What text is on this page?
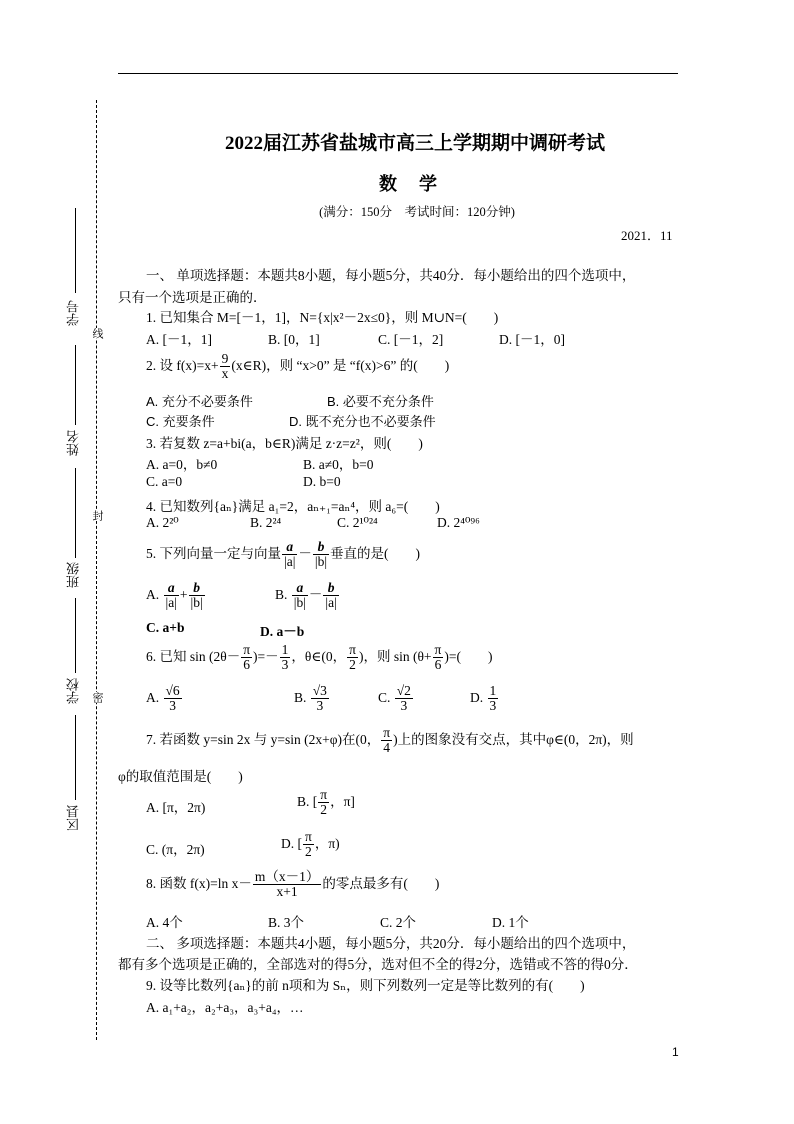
学号
姓名
班级
学校
区县
线
封
密
2022届江苏省盐城市高三上学期期中调研考试
数学
(满分：150分　考试时间：120分钟)
2021．11
一、 单项选择题：本题共8小题，每小题5分，共40分．每小题给出的四个选项中，
只有一个选项是正确的．
1. 已知集合 M=[－1，1]，N={x|x²－2x≤0}，则 M∪N=(　　)
A. [－1，1]	B. [0，1]	C. [－1，2]	D. [－1，0]
2. 设 $f(x)=x+ \frac{9}{x}$ (x∈R)，则 “x>0” 是 “f(x)>6” 的(　　)
A. 充分不必要条件	B. 必要不充分条件
C. 充要条件	D. 既不充分也不必要条件
3. 若复数 z=a+bi(a，b∈R)满足 z·z=z²，则(　　)
A. a=0，b≠0	B. a≠0，b=0
C. a=0	D. b=0
4. 已知数列{aₙ}满足 a₁=2，aₙ₊₁=aₙ⁴，则 a₆=(　　)
A. 2²⁰	B. 2²⁴	C. 2¹⁰²⁴	D. 2⁴⁰⁹⁶
5. 下列向量一定与向量 $\frac{a}{|a|} - \frac{b}{|b|}$ 垂直的是(　　)
A. $\frac{a}{|a|} + \frac{b}{|b|}$	B. $\frac{a}{|b|} - \frac{b}{|a|}$
C. a+b	D. a－b
6. 已知 $\sin (2\theta- \frac{\pi}{6}$ )=－ $\frac{1}{3}$ ，θ∈(0， $\frac{\pi}{2}$ )，则 $\sin (\theta+ \frac{\pi}{6}$ )=(　　)
A. $\frac{√6}{3}$	B. $\frac{√3}{3}$	C. $\frac{√2}{3}$	D. $\frac{1}{3}$
7. 若函数 y=sin 2x 与 y=sin (2x+φ)在(0， $\frac{\pi}{4}$ )上的图象没有交点，其中φ∈(0，2π)，则
φ的取值范围是(　　)
A. [π，2π)	B. [ $\frac{\pi}{2}$ ，π]
C. (π，2π)	D. [ $\frac{\pi}{2}$ ，π)
8. 函数 f(x)=ln $x- \frac{m(x-1)}{x+1}$ 的零点最多有(　　)
A. 4个	B. 3个	C. 2个	D. 1个
二、 多项选择题：本题共4小题，每小题5分，共20分．每小题给出的四个选项中，
都有多个选项是正确的，全部选对的得5分，选对但不全的得2分，选错或不答的得0分．
9. 设等比数列{aₙ}的前 n项和为 Sₙ，则下列数列一定是等比数列的有(　　)
A. a₁+a₂，a₂+a₃，a₃+a₄，…
1
